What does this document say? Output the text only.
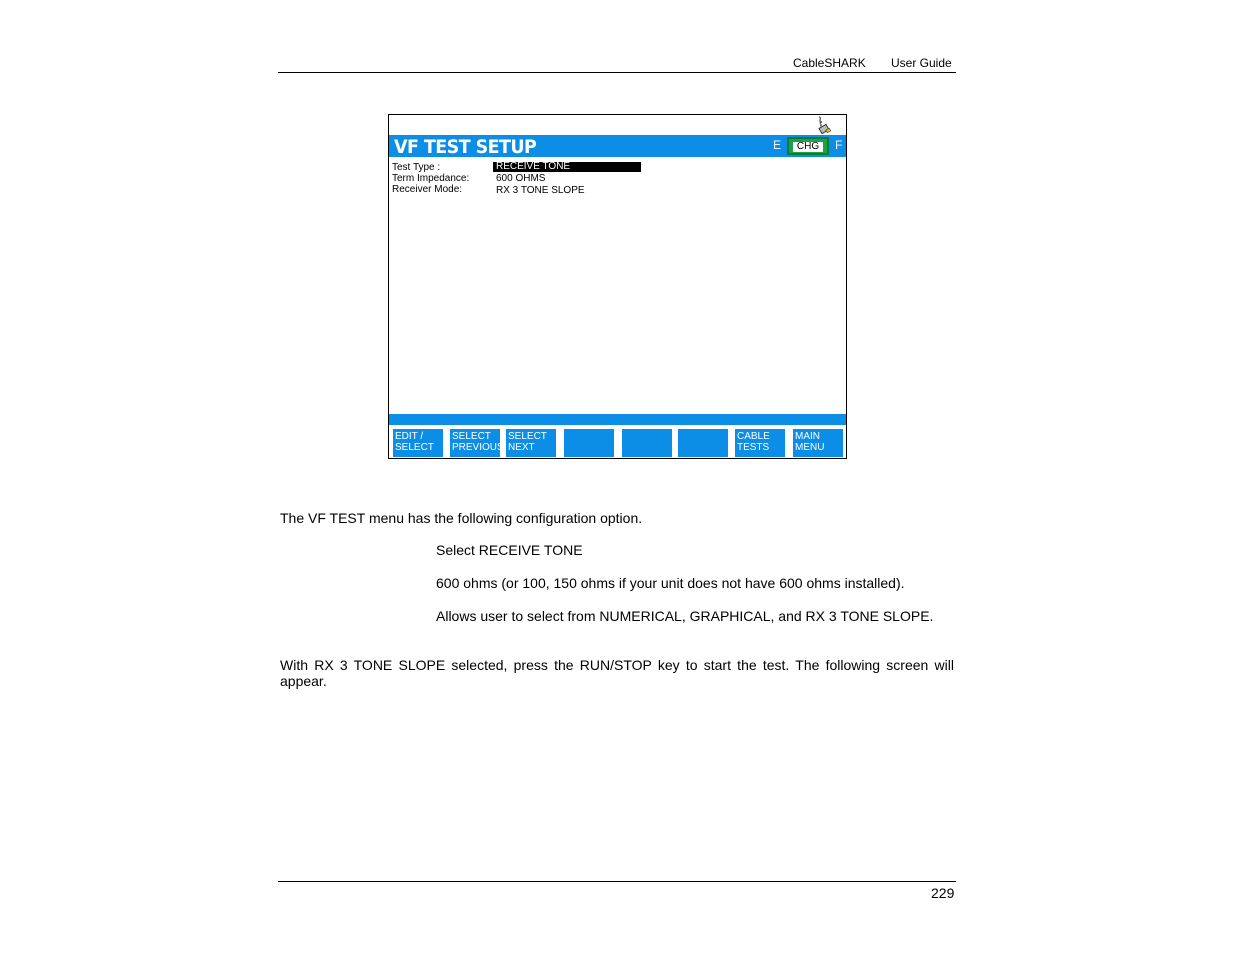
CableSHARK User Guide
VF TEST SETUP	E	CHG	F
Test Type :	RECEIVE TONE
Term Impedance:	600 OHMS
Receiver Mode:	RX 3 TONE SLOPE
EDIT /
SELECT
SELECT
PREVIOUS
SELECT
NEXT
CABLE
TESTS
MAIN
MENU
The VF TEST menu has the following configuration option.
Select RECEIVE TONE
600 ohms (or 100, 150 ohms if your unit does not have 600 ohms installed).
Allows user to select from NUMERICAL, GRAPHICAL, and RX 3 TONE SLOPE.
With RX 3 TONE SLOPE selected, press the RUN/STOP key to start the test. The following screen will appear.
229
